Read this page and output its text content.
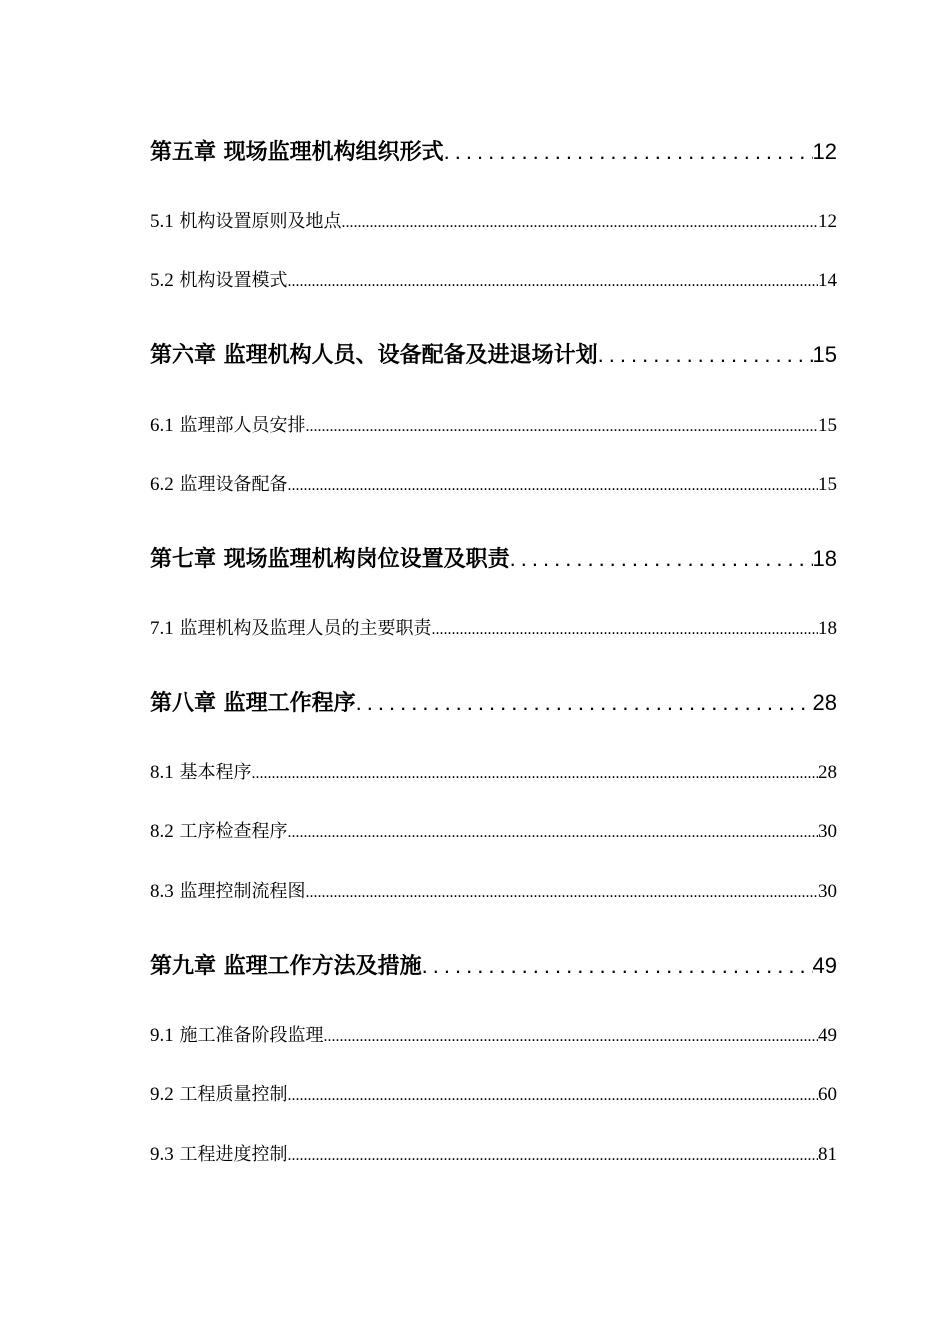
第五章 现场监理机构组织形式 .....	12
5.1 机构设置原则及地点 .....	12
5.2 机构设置模式 .....	14
第六章 监理机构人员、设备配备及进退场计划 .....	15
6.1 监理部人员安排 .....	15
6.2 监理设备配备 .....	15
第七章 现场监理机构岗位设置及职责 .....	18
7.1 监理机构及监理人员的主要职责 .....	18
第八章 监理工作程序 .....	28
8.1 基本程序 .....	28
8.2 工序检查程序 .....	30
8.3 监理控制流程图 .....	30
第九章 监理工作方法及措施 .....	49
9.1 施工准备阶段监理 .....	49
9.2 工程质量控制 .....	60
9.3 工程进度控制 .....	81
